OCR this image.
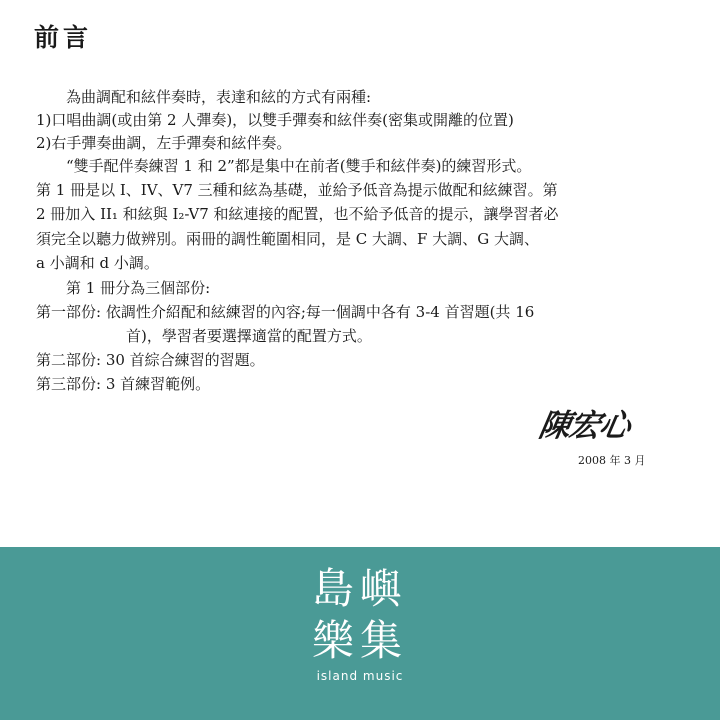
前言
為曲調配和絃伴奏時，表達和絃的方式有兩種:
1)口唱曲調(或由第 2 人彈奏)，以雙手彈奏和絃伴奏(密集或開離的位置)
2)右手彈奏曲調，左手彈奏和絃伴奏。
“雙手配伴奏練習 1 和 2”都是集中在前者(雙手和絃伴奏)的練習形式。
第 1 冊是以 I、IV、V7 三種和絃為基礎，並給予低音為提示做配和絃練習。第
2 冊加入 II₁ 和絃與 I₂-V7 和絃連接的配置，也不給予低音的提示，讓學習者必
須完全以聽力做辨別。兩冊的調性範圍相同，是 C 大調、F 大調、G 大調、
a 小調和 d 小調。
第 1 冊分為三個部份:
第一部份: 依調性介紹配和絃練習的內容;每一個調中各有 3-4 首習題(共 16
首)，學習者要選擇適當的配置方式。
第二部份: 30 首綜合練習的習題。
第三部份: 3 首練習範例。
陳宏心
2008 年 3 月
島嶼
樂集
island music
